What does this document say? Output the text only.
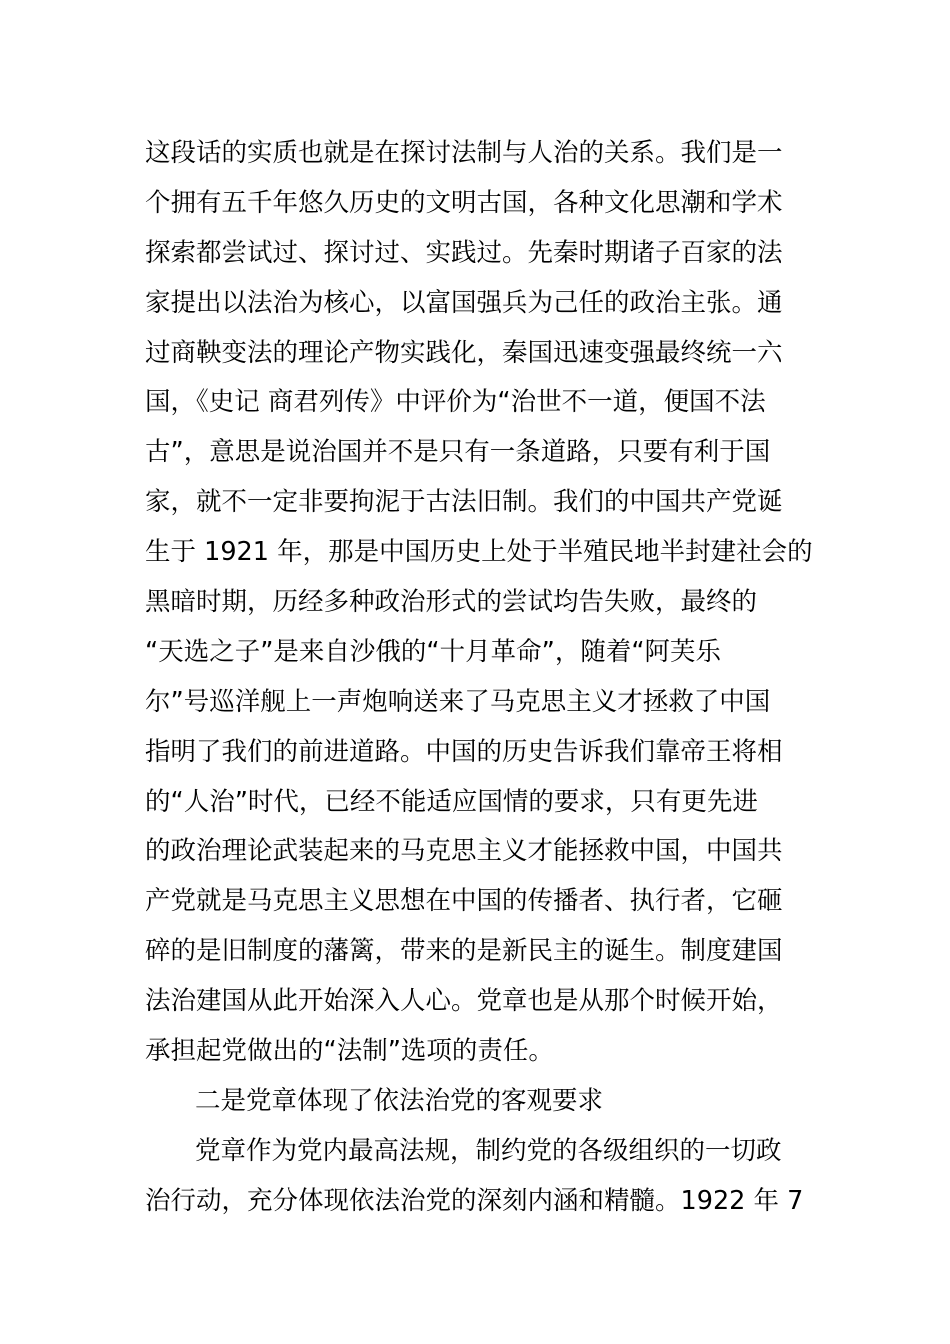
这段话的实质也就是在探讨法制与人治的关系。我们是一
个拥有五千年悠久历史的文明古国，各种文化思潮和学术
探索都尝试过、探讨过、实践过。先秦时期诸子百家的法
家提出以法治为核心，以富国强兵为己任的政治主张。通
过商鞅变法的理论产物实践化，秦国迅速变强最终统一六
国，《史记 商君列传》中评价为“治世不一道，便国不法
古”，意思是说治国并不是只有一条道路，只要有利于国
家，就不一定非要拘泥于古法旧制。我们的中国共产党诞
生于 1921 年，那是中国历史上处于半殖民地半封建社会的
黑暗时期，历经多种政治形式的尝试均告失败，最终的
“天选之子”是来自沙俄的“十月革命”，随着“阿芙乐
尔”号巡洋舰上一声炮响送来了马克思主义才拯救了中国
指明了我们的前进道路。中国的历史告诉我们靠帝王将相
的“人治”时代，已经不能适应国情的要求，只有更先进
的政治理论武装起来的马克思主义才能拯救中国，中国共
产党就是马克思主义思想在中国的传播者、执行者，它砸
碎的是旧制度的藩篱，带来的是新民主的诞生。制度建国
法治建国从此开始深入人心。党章也是从那个时候开始，
承担起党做出的“法制”选项的责任。
二是党章体现了依法治党的客观要求
党章作为党内最高法规，制约党的各级组织的一切政
治行动，充分体现依法治党的深刻内涵和精髓。1922 年 7
